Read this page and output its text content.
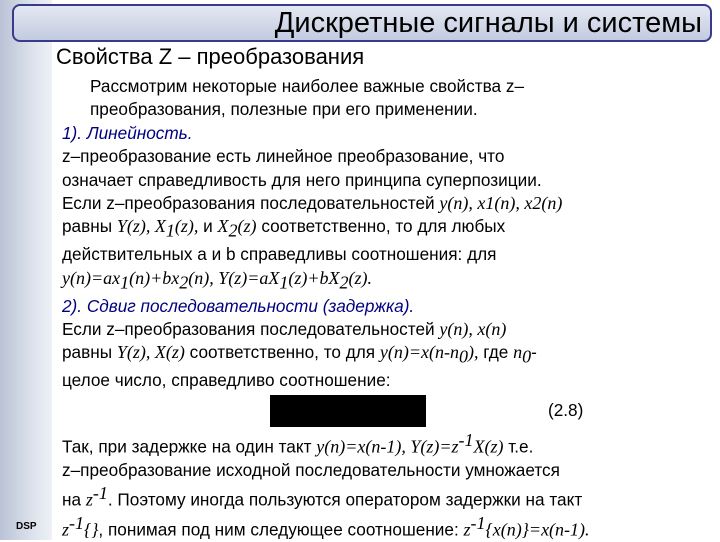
Дискретные сигналы и системы
Свойства Z – преобразования

Рассмотрим некоторые наиболее важные свойства z–

преобразования, полезные при его применении.

1). Линейность.

z–преобразование есть линейное преобразование, что

означает справедливость для него принципа суперпозиции.

Если z–преобразования последовательностей y(n), x1(n), x2(n)

равны Y(z), $X_1(z)$, и $X_2(z)$ соответственно, то для любых

действительных a и b справедливы соотношения: для

$y(n)=ax_1(n)+bx_2(n)$, $Y(z)=aX_1(z)+bX_2(z)$.

2). Сдвиг последовательности (задержка).

Если z–преобразования последовательностей y(n), x(n)

равны Y(z), X(z) соответственно, то для $y(n)=x(n-n_0)$, где $n_0-$

целое число, справедливо соотношение:

(2.8)

Так, при задержке на один такт y(n)=x(n-1), $Y(z)=z^{-1}X(z)$ т.е.

z–преобразование исходной последовательности умножается

на $z^{-1}$. Поэтому иногда пользуются оператором задержки на такт

$z^{-1}\{\}$, понимая под ним следующее соотношение: $z^{-1}\{x(n)\}=x(n-1)$.

DSP
